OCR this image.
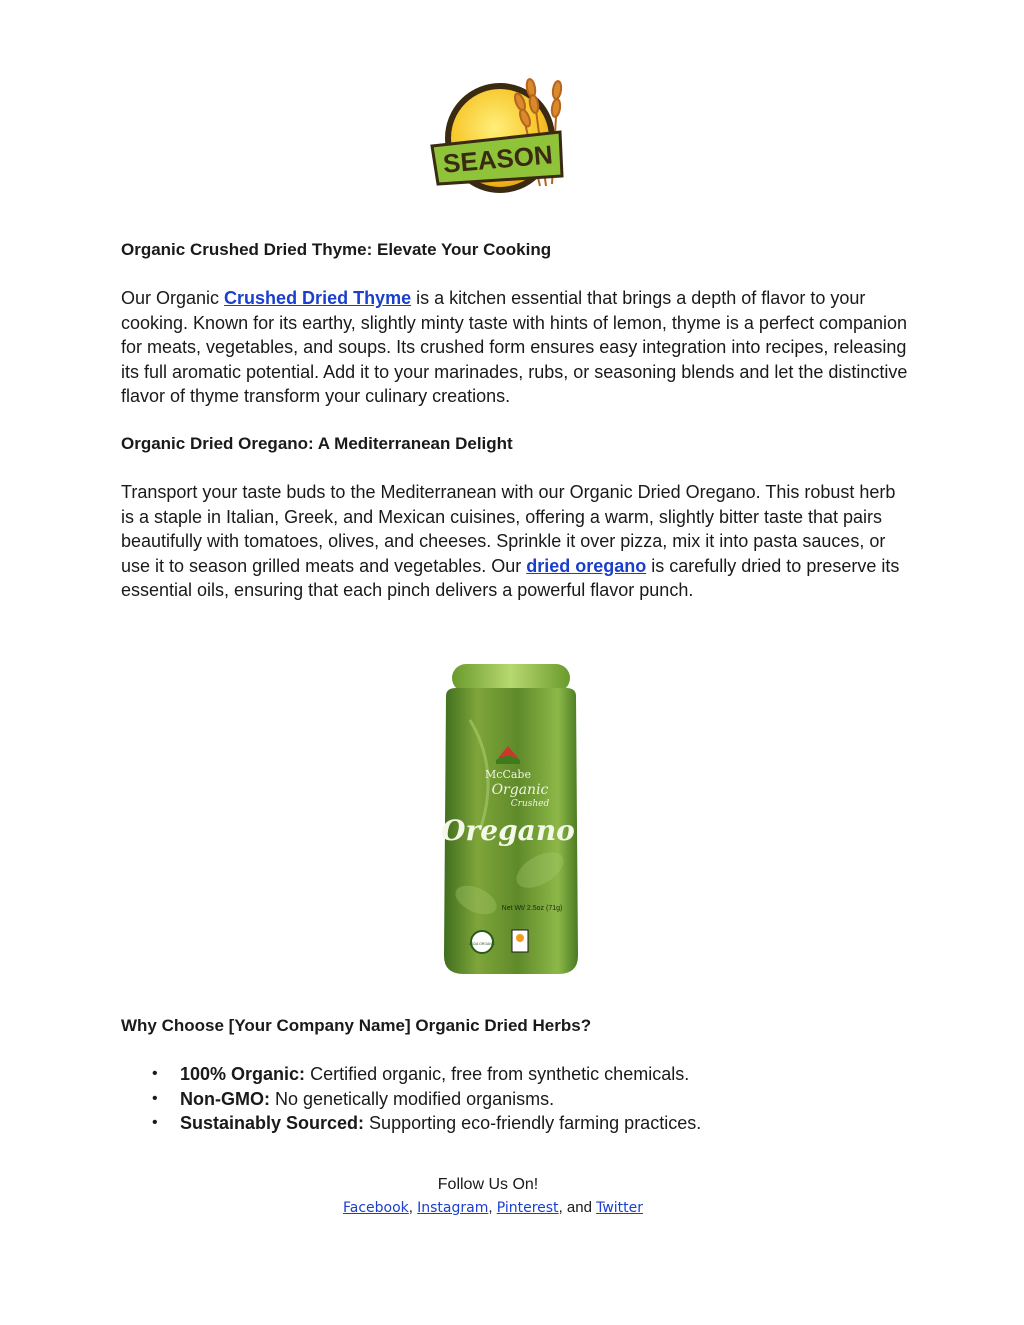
SEASON
Organic Crushed Dried Thyme: Elevate Your Cooking

Our Organic Crushed Dried Thyme is a kitchen essential that brings a depth of flavor to your cooking. Known for its earthy, slightly minty taste with hints of lemon, thyme is a perfect companion for meats, vegetables, and soups. Its crushed form ensures easy integration into recipes, releasing its full aromatic potential. Add it to your marinades, rubs, or seasoning blends and let the distinctive flavor of thyme transform your culinary creations.

Organic Dried Oregano: A Mediterranean Delight

Transport your taste buds to the Mediterranean with our Organic Dried Oregano. This robust herb is a staple in Italian, Greek, and Mexican cuisines, offering a warm, slightly bitter taste that pairs beautifully with tomatoes, olives, and cheeses. Sprinkle it over pizza, mix it into pasta sauces, or use it to season grilled meats and vegetables. Our dried oregano is carefully dried to preserve its essential oils, ensuring that each pinch delivers a powerful flavor punch.

McCabe
Organic
Crushed
Oregano
Net Wt/ 2.5oz (71g)
USDA ORGANIC
Why Choose [Your Company Name] Organic Dried Herbs?
• 100% Organic: Certified organic, free from synthetic chemicals.
• Non-GMO: No genetically modified organisms.
• Sustainably Sourced: Supporting eco-friendly farming practices.
Follow Us On!
Facebook, Instagram, Pinterest, and Twitter
